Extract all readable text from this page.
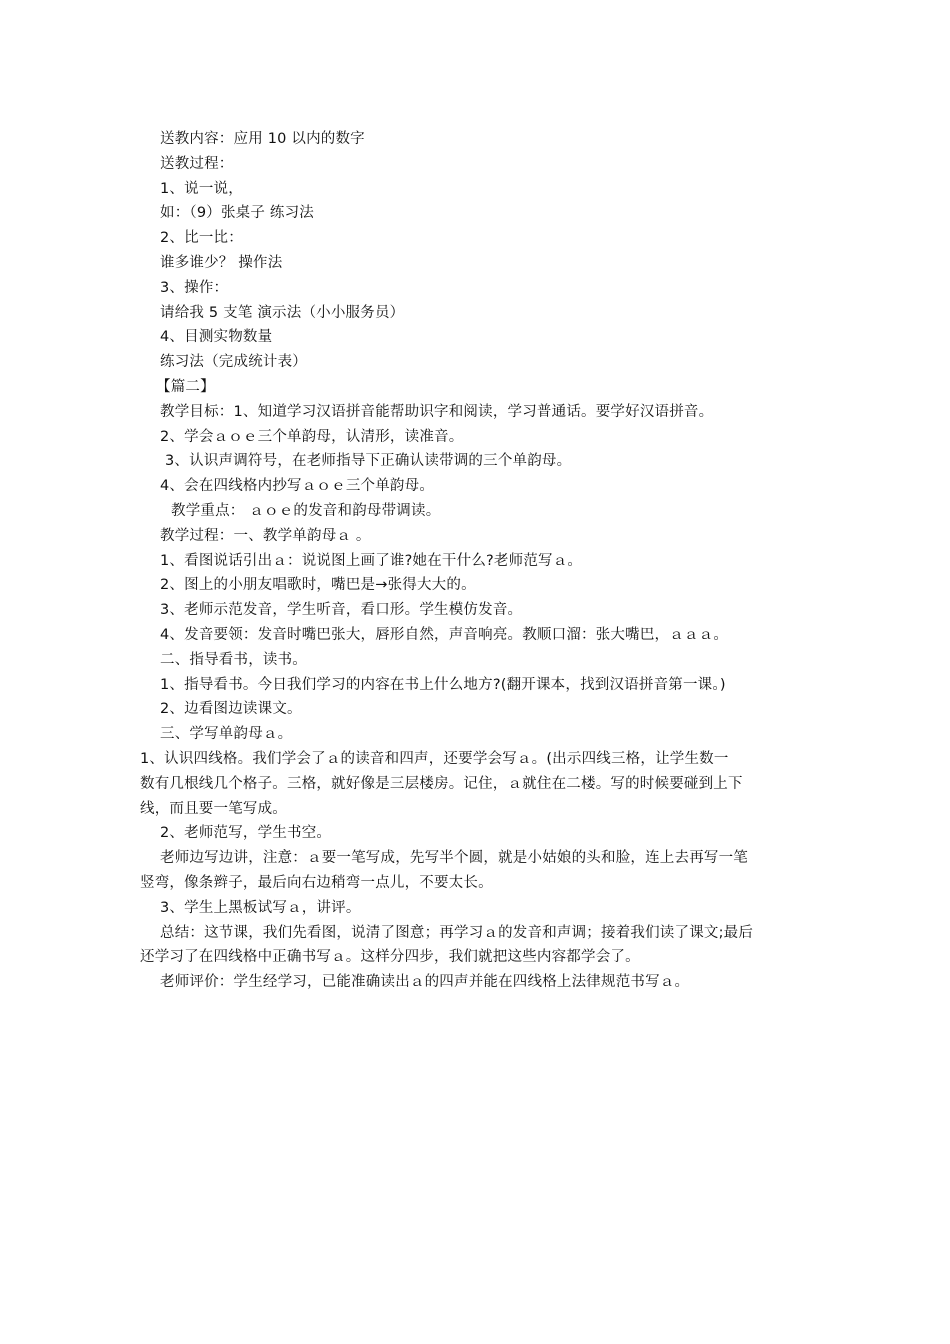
送教内容：应用 10 以内的数字
送教过程：
1、说一说，
如：（9）张桌子 练习法
2、比一比：
谁多谁少？ 操作法
3、操作：
请给我 5 支笔 演示法（小小服务员）
4、目测实物数量
练习法（完成统计表）
【篇二】
教学目标：1、知道学习汉语拼音能帮助识字和阅读，学习普通话。要学好汉语拼音。
2、学会ａｏｅ三个单韵母，认清形，读准音。
3、认识声调符号，在老师指导下正确认读带调的三个单韵母。
4、会在四线格内抄写ａｏｅ三个单韵母。
教学重点： ａｏｅ的发音和韵母带调读。
教学过程：一、教学单韵母ａ 。
1、看图说话引出ａ：说说图上画了谁?她在干什么?老师范写ａ。
2、图上的小朋友唱歌时，嘴巴是→张得大大的。
3、老师示范发音，学生听音，看口形。学生模仿发音。
4、发音要领：发音时嘴巴张大，唇形自然，声音响亮。教顺口溜：张大嘴巴，ａａａ。
二、指导看书，读书。
1、指导看书。今日我们学习的内容在书上什么地方?(翻开课本，找到汉语拼音第一课。)
2、边看图边读课文。
三、学写单韵母ａ。
1、认识四线格。我们学会了ａ的读音和四声，还要学会写ａ。(出示四线三格，让学生数一
数有几根线几个格子。三格，就好像是三层楼房。记住，ａ就住在二楼。写的时候要碰到上下
线，而且要一笔写成。
2、老师范写，学生书空。
老师边写边讲，注意：ａ要一笔写成，先写半个圆，就是小姑娘的头和脸，连上去再写一笔
竖弯，像条辫子，最后向右边稍弯一点儿，不要太长。
3、学生上黑板试写ａ，讲评。
总结：这节课，我们先看图，说清了图意；再学习ａ的发音和声调；接着我们读了课文;最后
还学习了在四线格中正确书写ａ。这样分四步，我们就把这些内容都学会了。
老师评价：学生经学习，已能准确读出ａ的四声并能在四线格上法律规范书写ａ。
